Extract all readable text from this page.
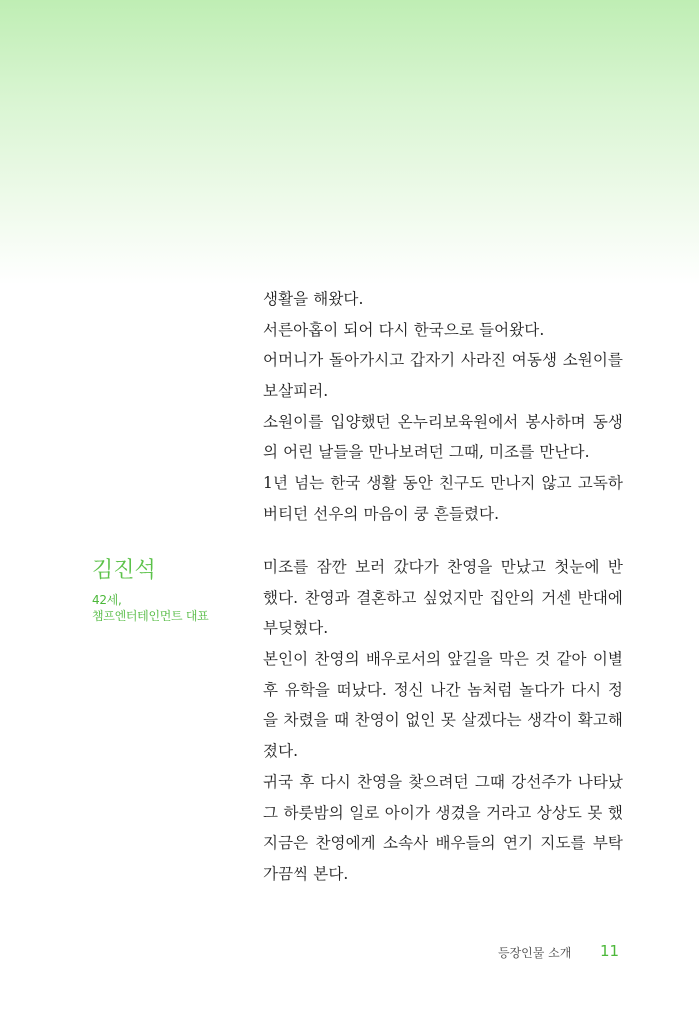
생활을 해왔다.
서른아홉이 되어 다시 한국으로 들어왔다.
어머니가 돌아가시고 갑자기 사라진 여동생 소원이를
보살피러.
소원이를 입양했던 온누리보육원에서 봉사하며 동생
의 어린 날들을 만나보려던 그때, 미조를 만난다.
1년 넘는 한국 생활 동안 친구도 만나지 않고 고독하
버티던 선우의 마음이 쿵 흔들렸다.
김진석
42세,
챔프엔터테인먼트 대표
미조를 잠깐 보러 갔다가 찬영을 만났고 첫눈에 반
했다. 찬영과 결혼하고 싶었지만 집안의 거센 반대에
부딪혔다.
본인이 찬영의 배우로서의 앞길을 막은 것 같아 이별
후 유학을 떠났다. 정신 나간 놈처럼 놀다가 다시 정
을 차렸을 때 찬영이 없인 못 살겠다는 생각이 확고해
졌다.
귀국 후 다시 찬영을 찾으려던 그때 강선주가 나타났
그 하룻밤의 일로 아이가 생겼을 거라고 상상도 못 했
지금은 찬영에게 소속사 배우들의 연기 지도를 부탁
가끔씩 본다.
등장인물 소개 11
